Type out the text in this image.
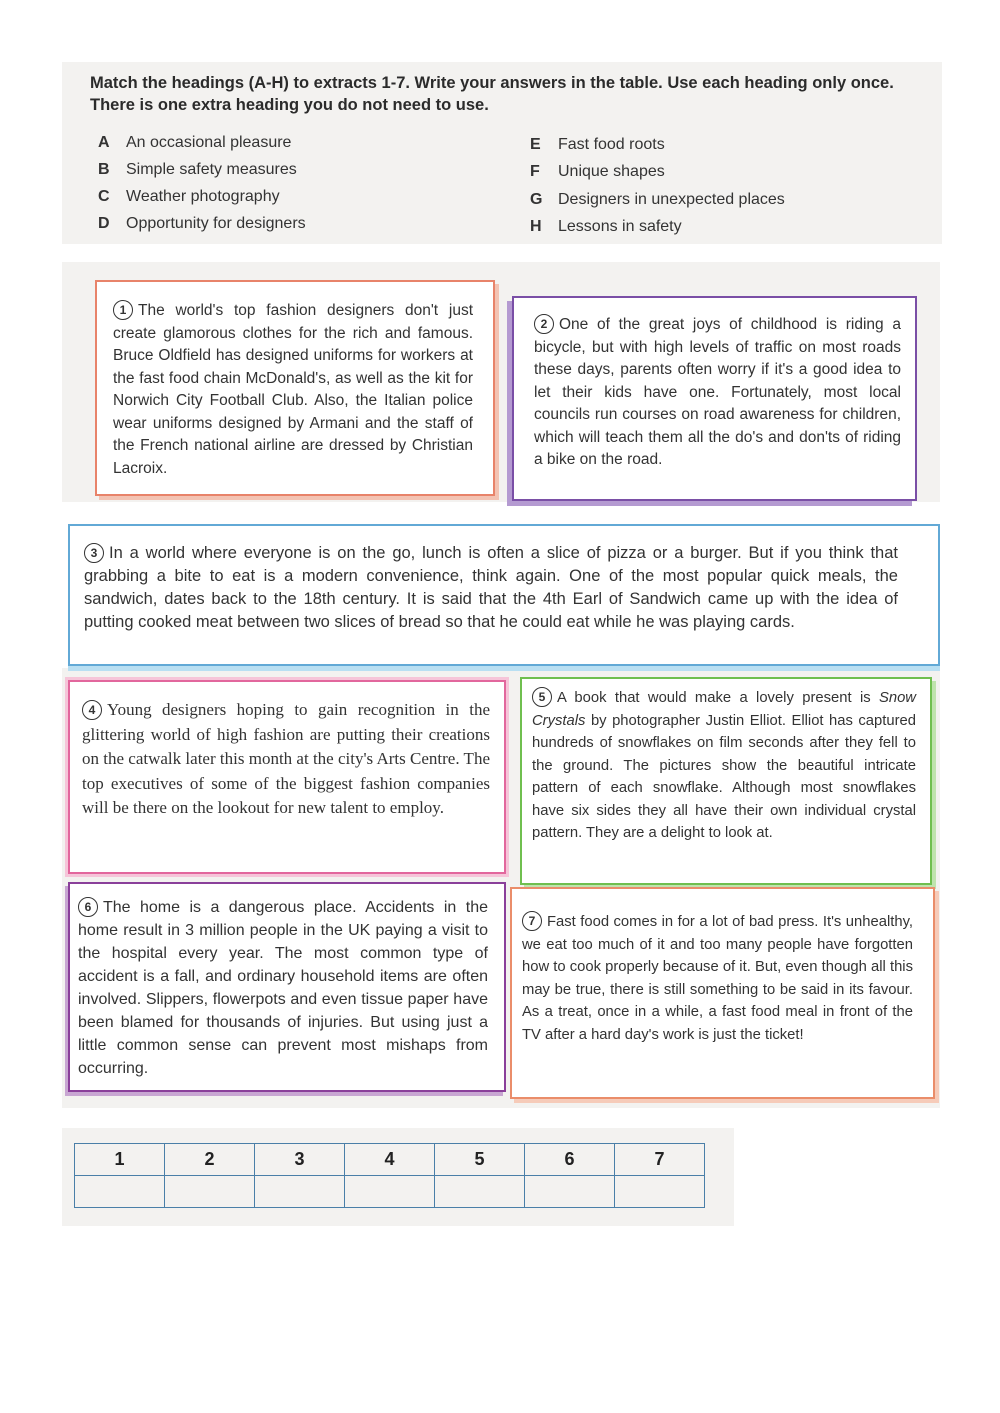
Match the headings (A-H) to extracts 1-7. Write your answers in the table. Use each heading only once. There is one extra heading you do not need to use.
A An occasional pleasure
B Simple safety measures
C Weather photography
D Opportunity for designers
E Fast food roots
F Unique shapes
G Designers in unexpected places
H Lessons in safety

1 The world's top fashion designers don't just create glamorous clothes for the rich and famous. Bruce Oldfield has designed uniforms for workers at the fast food chain McDonald's, as well as the kit for Norwich City Football Club. Also, the Italian police wear uniforms designed by Armani and the staff of the French national airline are dressed by Christian Lacroix.

2 One of the great joys of childhood is riding a bicycle, but with high levels of traffic on most roads these days, parents often worry if it's a good idea to let their kids have one. Fortunately, most local councils run courses on road awareness for children, which will teach them all the do's and don'ts of riding a bike on the road.

3 In a world where everyone is on the go, lunch is often a slice of pizza or a burger. But if you think that grabbing a bite to eat is a modern convenience, think again. One of the most popular quick meals, the sandwich, dates back to the 18th century. It is said that the 4th Earl of Sandwich came up with the idea of putting cooked meat between two slices of bread so that he could eat while he was playing cards.

4 Young designers hoping to gain recognition in the glittering world of high fashion are putting their creations on the catwalk later this month at the city's Arts Centre. The top executives of some of the biggest fashion companies will be there on the lookout for new talent to employ.

5 A book that would make a lovely present is Snow Crystals by photographer Justin Elliot. Elliot has captured hundreds of snowflakes on film seconds after they fell to the ground. The pictures show the beautiful intricate pattern of each snowflake. Although most snowflakes have six sides they all have their own individual crystal pattern. They are a delight to look at.

6 The home is a dangerous place. Accidents in the home result in 3 million people in the UK paying a visit to the hospital every year. The most common type of accident is a fall, and ordinary household items are often involved. Slippers, flowerpots and even tissue paper have been blamed for thousands of injuries. But using just a little common sense can prevent most mishaps from occurring.

7 Fast food comes in for a lot of bad press. It's unhealthy, we eat too much of it and too many people have forgotten how to cook properly because of it. But, even though all this may be true, there is still something to be said in its favour. As a treat, once in a while, a fast food meal in front of the TV after a hard day's work is just the ticket!

1	2	3	4	5	6	7
